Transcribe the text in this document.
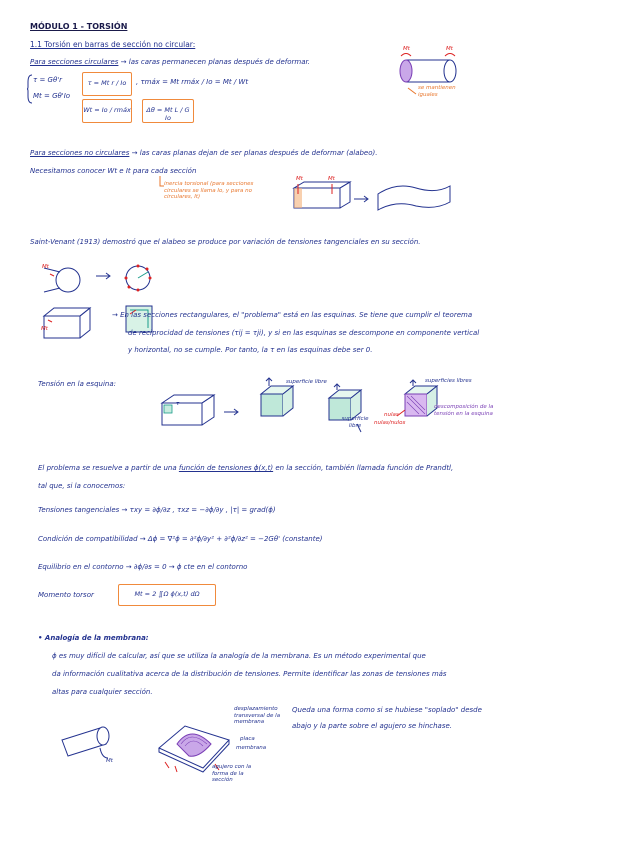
MÓDULO 1 - TORSIÓN
1.1 Torsión en barras de sección no circular:
Para secciones circulares → las caras permanecen planas después de deformar.
τ = Gθ'r
Mt = Gθ'Io
τ = Mt r / Io	, τmáx = Mt rmáx / Io = Mt / Wt
Wt = Io / rmáx	Δθ = Mt L / G Io
Mt	Mt
se mantienen iguales
Para secciones no circulares → las caras planas dejan de ser planas después de deformar (alabeo).
Necesitamos conocer Wt e It para cada sección
inercia torsional (para secciones circulares se llama Io, y para no circulares, It)
Mt	Mt
Saint-Venant (1913) demostró que el alabeo se produce por variación de tensiones tangenciales en su sección.
Mt
Mt
→ En las secciones rectangulares, el "problema" está en las esquinas. Se tiene que cumplir el teorema
de reciprocidad de tensiones (τij = τji), y si en las esquinas se descompone en componente vertical
y horizontal, no se cumple. Por tanto, la τ en las esquinas debe ser 0.
Tensión en la esquina:
τ
superficie libre
superficie libre
superficies libres
nulas
nulas/nulos
descomposición de la tensión en la esquina
El problema se resuelve a partir de una función de tensiones ϕ(x,t) en la sección, también llamada función de Prandtl,
tal que, si la conocemos:
Tensiones tangenciales → τxy = ∂ϕ/∂z , τxz = −∂ϕ/∂y , |τ| = grad(ϕ)
Condición de compatibilidad → Δϕ = ∇²ϕ = ∂²ϕ/∂y² + ∂²ϕ/∂z² = −2Gθ' (constante)
Equilibrio en el contorno → ∂ϕ/∂s = 0 → ϕ cte en el contorno
Momento torsor	Mt = 2 ∬Ω ϕ(x,t) dΩ
• Analogía de la membrana:
ϕ es muy difícil de calcular, así que se utiliza la analogía de la membrana. Es un método experimental que
da información cualitativa acerca de la distribución de tensiones. Permite identificar las zonas de tensiones más
altas para cualquier sección.
Queda una forma como si se hubiese "soplado" desde
abajo y la parte sobre el agujero se hinchase.
Mt
desplazamiento transversal de la membrana
placa
membrana
agujero con la forma de la sección
